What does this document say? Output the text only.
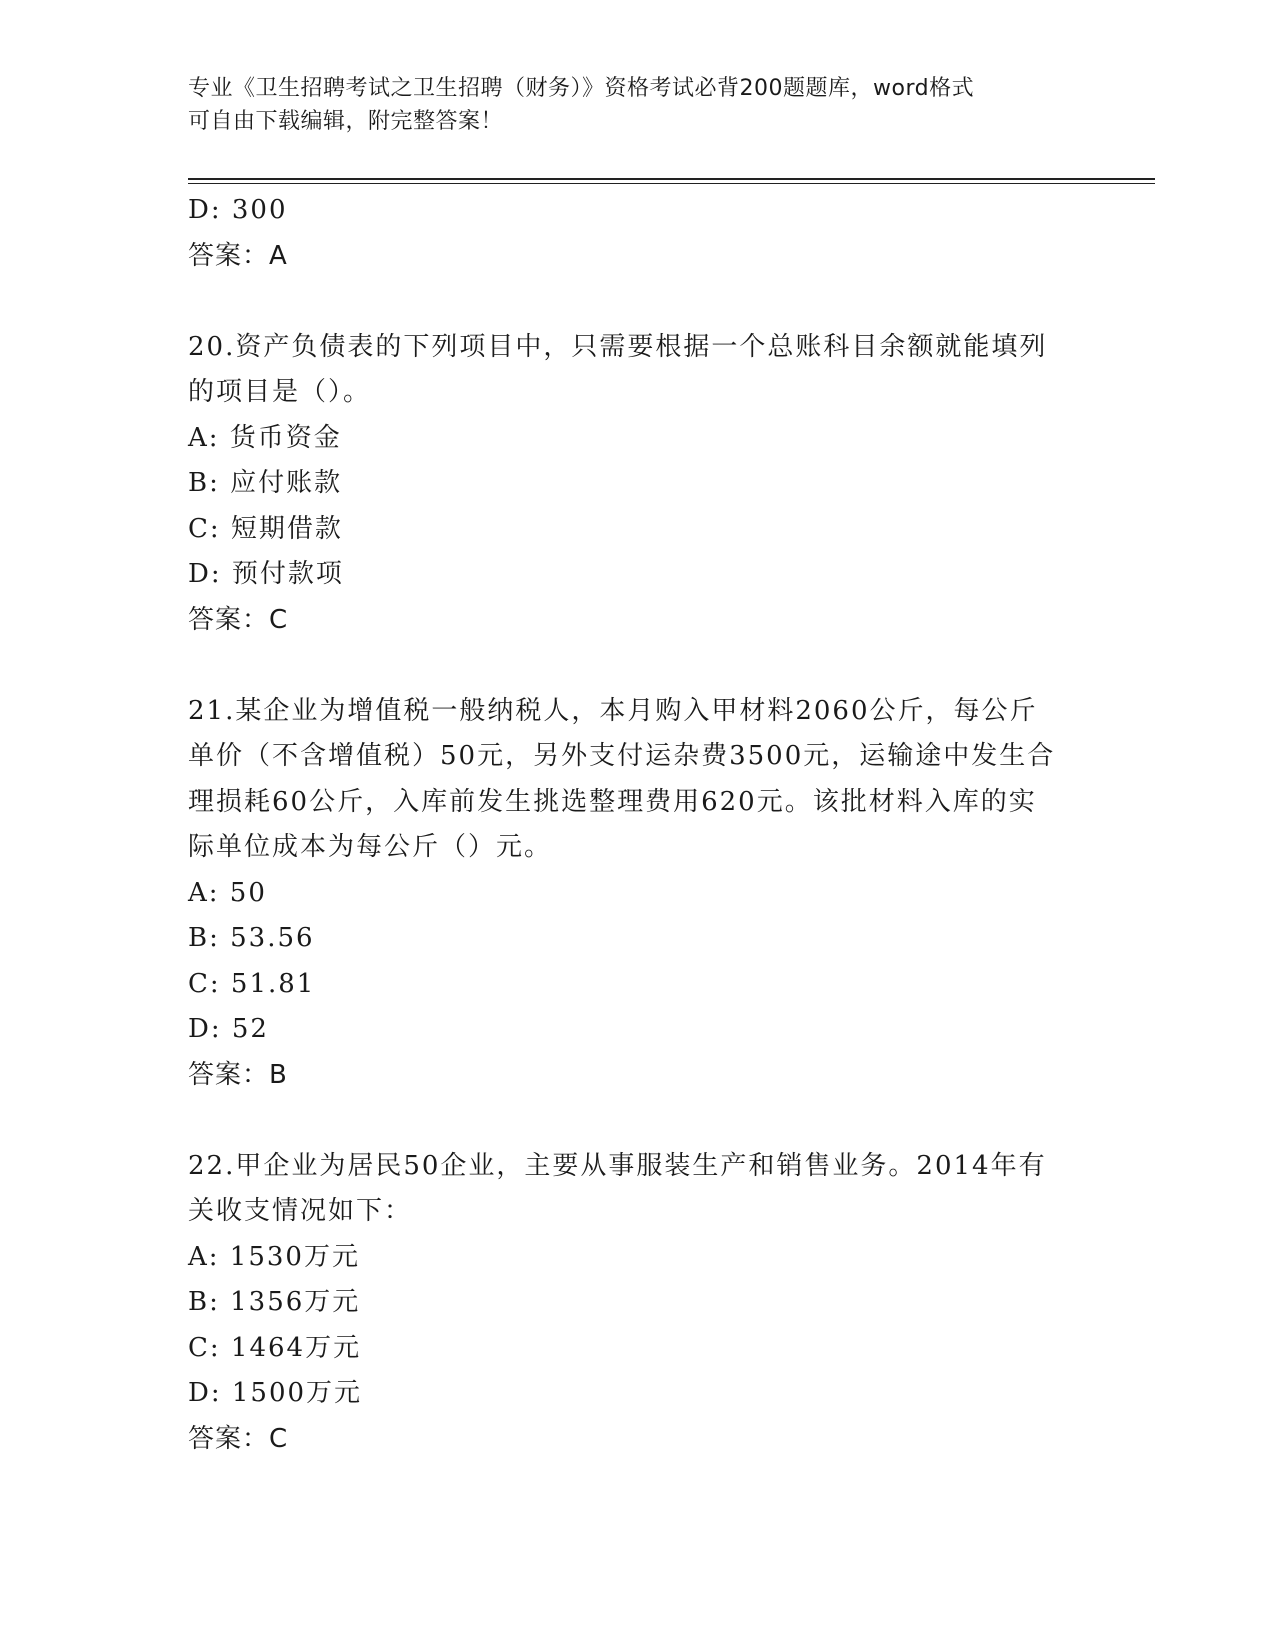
专业《卫生招聘考试之卫生招聘（财务）》资格考试必背200题题库，word格式
可自由下载编辑，附完整答案！
D: 300
答案：A
20.资产负债表的下列项目中，只需要根据一个总账科目余额就能填列
的项目是（）。
A: 货币资金
B: 应付账款
C: 短期借款
D: 预付款项
答案：C
21.某企业为增值税一般纳税人，本月购入甲材料2060公斤，每公斤
单价（不含增值税）50元，另外支付运杂费3500元，运输途中发生合
理损耗60公斤，入库前发生挑选整理费用620元。该批材料入库的实
际单位成本为每公斤（）元。
A: 50
B: 53.56
C: 51.81
D: 52
答案：B
22.甲企业为居民50企业，主要从事服装生产和销售业务。2014年有
关收支情况如下：
A: 1530万元
B: 1356万元
C: 1464万元
D: 1500万元
答案：C
